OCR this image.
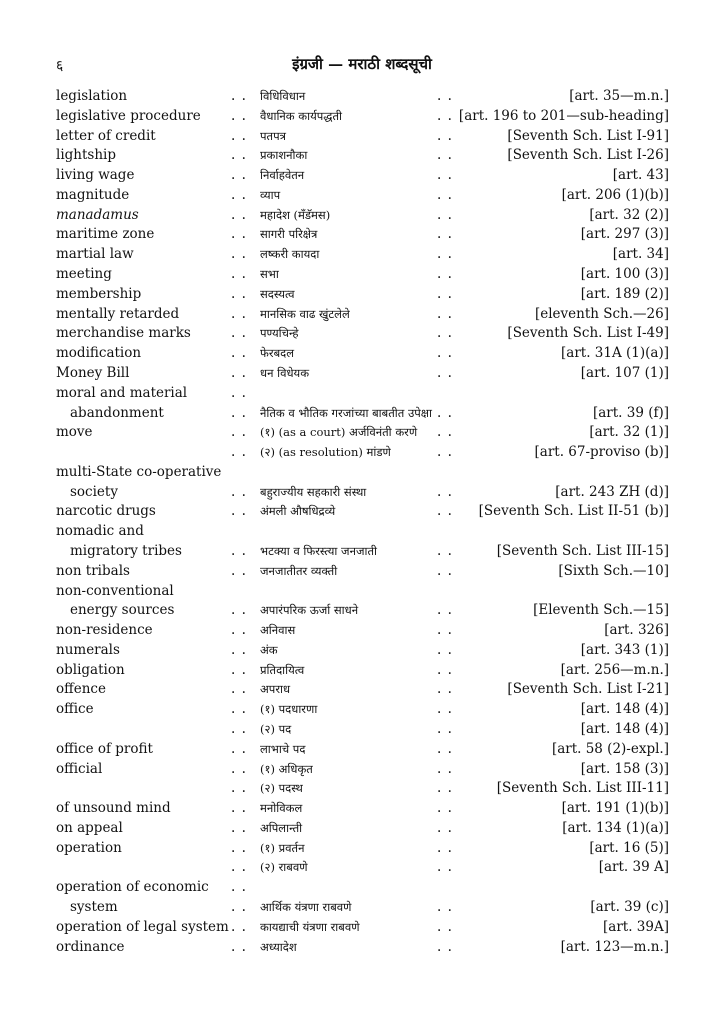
६	इंग्रजी — मराठी शब्दसूची
legislation	. . विधिविधान	. .	[art. 35—m.n.]
legislative procedure . . वैधानिक कार्यपद्धती	. . [art. 196 to 201—sub-heading]
letter of credit	. . पतपत्र	. .	[Seventh Sch. List I-91]
lightship	. . प्रकाशनौका	. .	[Seventh Sch. List I-26]
living wage	. . निर्वाहवेतन	. .	[art. 43]
magnitude	. . व्याप	. .	[art. 206 (1)(b)]
manadamus	. . महादेश (मँडॅमस)	. .	[art. 32 (2)]
maritime zone	. . सागरी परिक्षेत्र	. .	[art. 297 (3)]
martial law	. . लष्करी कायदा	. .	[art. 34]
meeting	. . सभा	. .	[art. 100 (3)]
membership	. . सदस्यत्व	. .	[art. 189 (2)]
mentally retarded	. . मानसिक वाढ खुंटलेले	. .	[eleventh Sch.—26]
merchandise marks	. . पण्यचिन्हे	. .	[Seventh Sch. List I-49]
modification	. . फेरबदल	. .	[art. 31A (1)(a)]
Money Bill	. . धन विधेयक	. .	[art. 107 (1)]
moral and material	. .
abandonment	. . नैतिक व भौतिक गरजांच्या बाबतीत उपेक्षा . .	[art. 39 (f)]
move	. . (१) (as a court) अर्जविनंती करणे . .	[art. 32 (1)]
. . (२) (as resolution) मांडणे	. .	[art. 67-proviso (b)]
multi-State co-operative
society	. . बहुराज्यीय सहकारी संस्था	. .	[art. 243 ZH (d)]
narcotic drugs	. . अंमली औषधिद्रव्ये	. . [Seventh Sch. List II-51 (b)]
nomadic and
migratory tribes	. . भटक्या व फिरस्त्या जनजाती	. .	[Seventh Sch. List III-15]
non tribals	. . जनजातीतर व्यक्ती	. .	[Sixth Sch.—10]
non-conventional
energy sources	. . अपारंपरिक ऊर्जा साधने	. .	[Eleventh Sch.—15]
non-residence	. . अनिवास	. .	[art. 326]
numerals	. . अंक	. .	[art. 343 (1)]
obligation	. . प्रतिदायित्व	. .	[art. 256—m.n.]
offence	. . अपराध	. .	[Seventh Sch. List I-21]
office	. . (१) पदधारणा	. .	[art. 148 (4)]
. . (२) पद	. .	[art. 148 (4)]
office of profit	. . लाभाचे पद	. .	[art. 58 (2)-expl.]
official	. . (१) अधिकृत	. .	[art. 158 (3)]
. . (२) पदस्थ	. .	[Seventh Sch. List III-11]
of unsound mind	. . मनोविकल	. .	[art. 191 (1)(b)]
on appeal	. . अपिलान्ती	. .	[art. 134 (1)(a)]
operation	. . (१) प्रवर्तन	. .	[art. 16 (5)]
. . (२) राबवणे	. .	[art. 39 A]
operation of economic . .
system	. . आर्थिक यंत्रणा राबवणे	. .	[art. 39 (c)]
operation of legal system . . कायद्याची यंत्रणा राबवणे	. .	[art. 39A]
ordinance	. . अध्यादेश	. .	[art. 123—m.n.]
